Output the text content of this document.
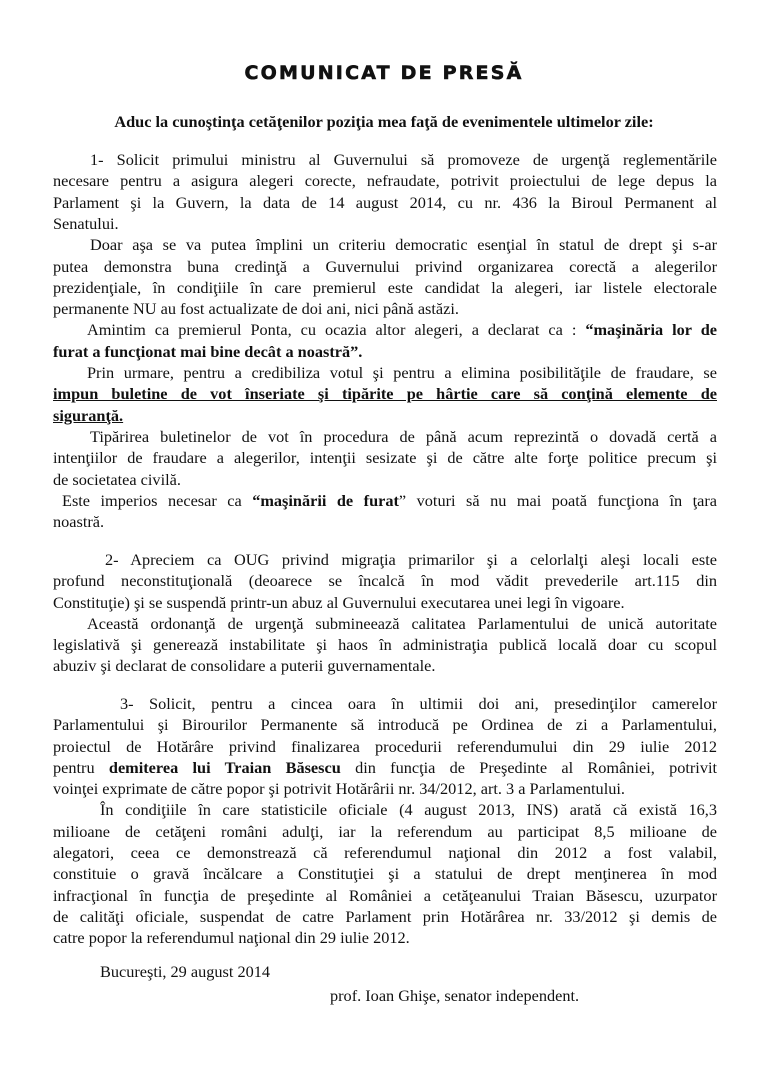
COMUNICAT DE PRESĂ
Aduc la cunoştinţa cetăţenilor poziţia mea faţă de evenimentele ultimelor zile:
1- Solicit primului ministru al Guvernului să promoveze de urgenţă reglementările
necesare pentru a asigura alegeri corecte, nefraudate, potrivit proiectului de lege depus la
Parlament şi la Guvern, la data de 14 august 2014, cu nr. 436 la Biroul Permanent al
Senatului.
Doar aşa se va putea împlini un criteriu democratic esenţial în statul de drept şi s-ar
putea demonstra buna credinţă a Guvernului privind organizarea corectă a alegerilor
prezidenţiale, în condiţiile în care premierul este candidat la alegeri, iar listele electorale
permanente NU au fost actualizate de doi ani, nici până astăzi.
Amintim ca premierul Ponta, cu ocazia altor alegeri, a declarat ca : “maşinăria lor de
furat a funcţionat mai bine decât a noastră”.
Prin urmare, pentru a credibiliza votul şi pentru a elimina posibilităţile de fraudare, se
impun buletine de vot înseriate şi tipărite pe hârtie care să conţină elemente de
siguranţă.
Tipărirea buletinelor de vot în procedura de până acum reprezintă o dovadă certă a
intenţiilor de fraudare a alegerilor, intenţii sesizate şi de către alte forţe politice precum şi
de societatea civilă.
Este imperios necesar ca “maşinării de furat” voturi să nu mai poată funcţiona în ţara
noastră.
2- Apreciem ca OUG privind migraţia primarilor şi a celorlalţi aleşi locali este
profund neconstituţională (deoarece se încalcă în mod vădit prevederile art.115 din
Constituţie) şi se suspendă printr-un abuz al Guvernului executarea unei legi în vigoare.
Această ordonanţă de urgenţă submineează calitatea Parlamentului de unică autoritate
legislativă şi generează instabilitate şi haos în administraţia publică locală doar cu scopul
abuziv şi declarat de consolidare a puterii guvernamentale.
3- Solicit, pentru a cincea oara în ultimii doi ani, presedinţilor camerelor
Parlamentului şi Birourilor Permanente să introducă pe Ordinea de zi a Parlamentului,
proiectul de Hotărâre privind finalizarea procedurii referendumului din 29 iulie 2012
pentru demiterea lui Traian Băsescu din funcţia de Preşedinte al României, potrivit
voinţei exprimate de către popor şi potrivit Hotărârii nr. 34/2012, art. 3 a Parlamentului.
În condiţiile în care statisticile oficiale (4 august 2013, INS) arată că există 16,3
milioane de cetăţeni români adulţi, iar la referendum au participat 8,5 milioane de
alegatori, ceea ce demonstrează că referendumul naţional din 2012 a fost valabil,
constituie o gravă încălcare a Constituţiei şi a statului de drept menţinerea în mod
infracţional în funcţia de preşedinte al României a cetăţeanului Traian Băsescu, uzurpator
de calităţi oficiale, suspendat de catre Parlament prin Hotărârea nr. 33/2012 şi demis de
catre popor la referendumul naţional din 29 iulie 2012.
Bucureşti, 29 august 2014
prof. Ioan Ghişe, senator independent.
